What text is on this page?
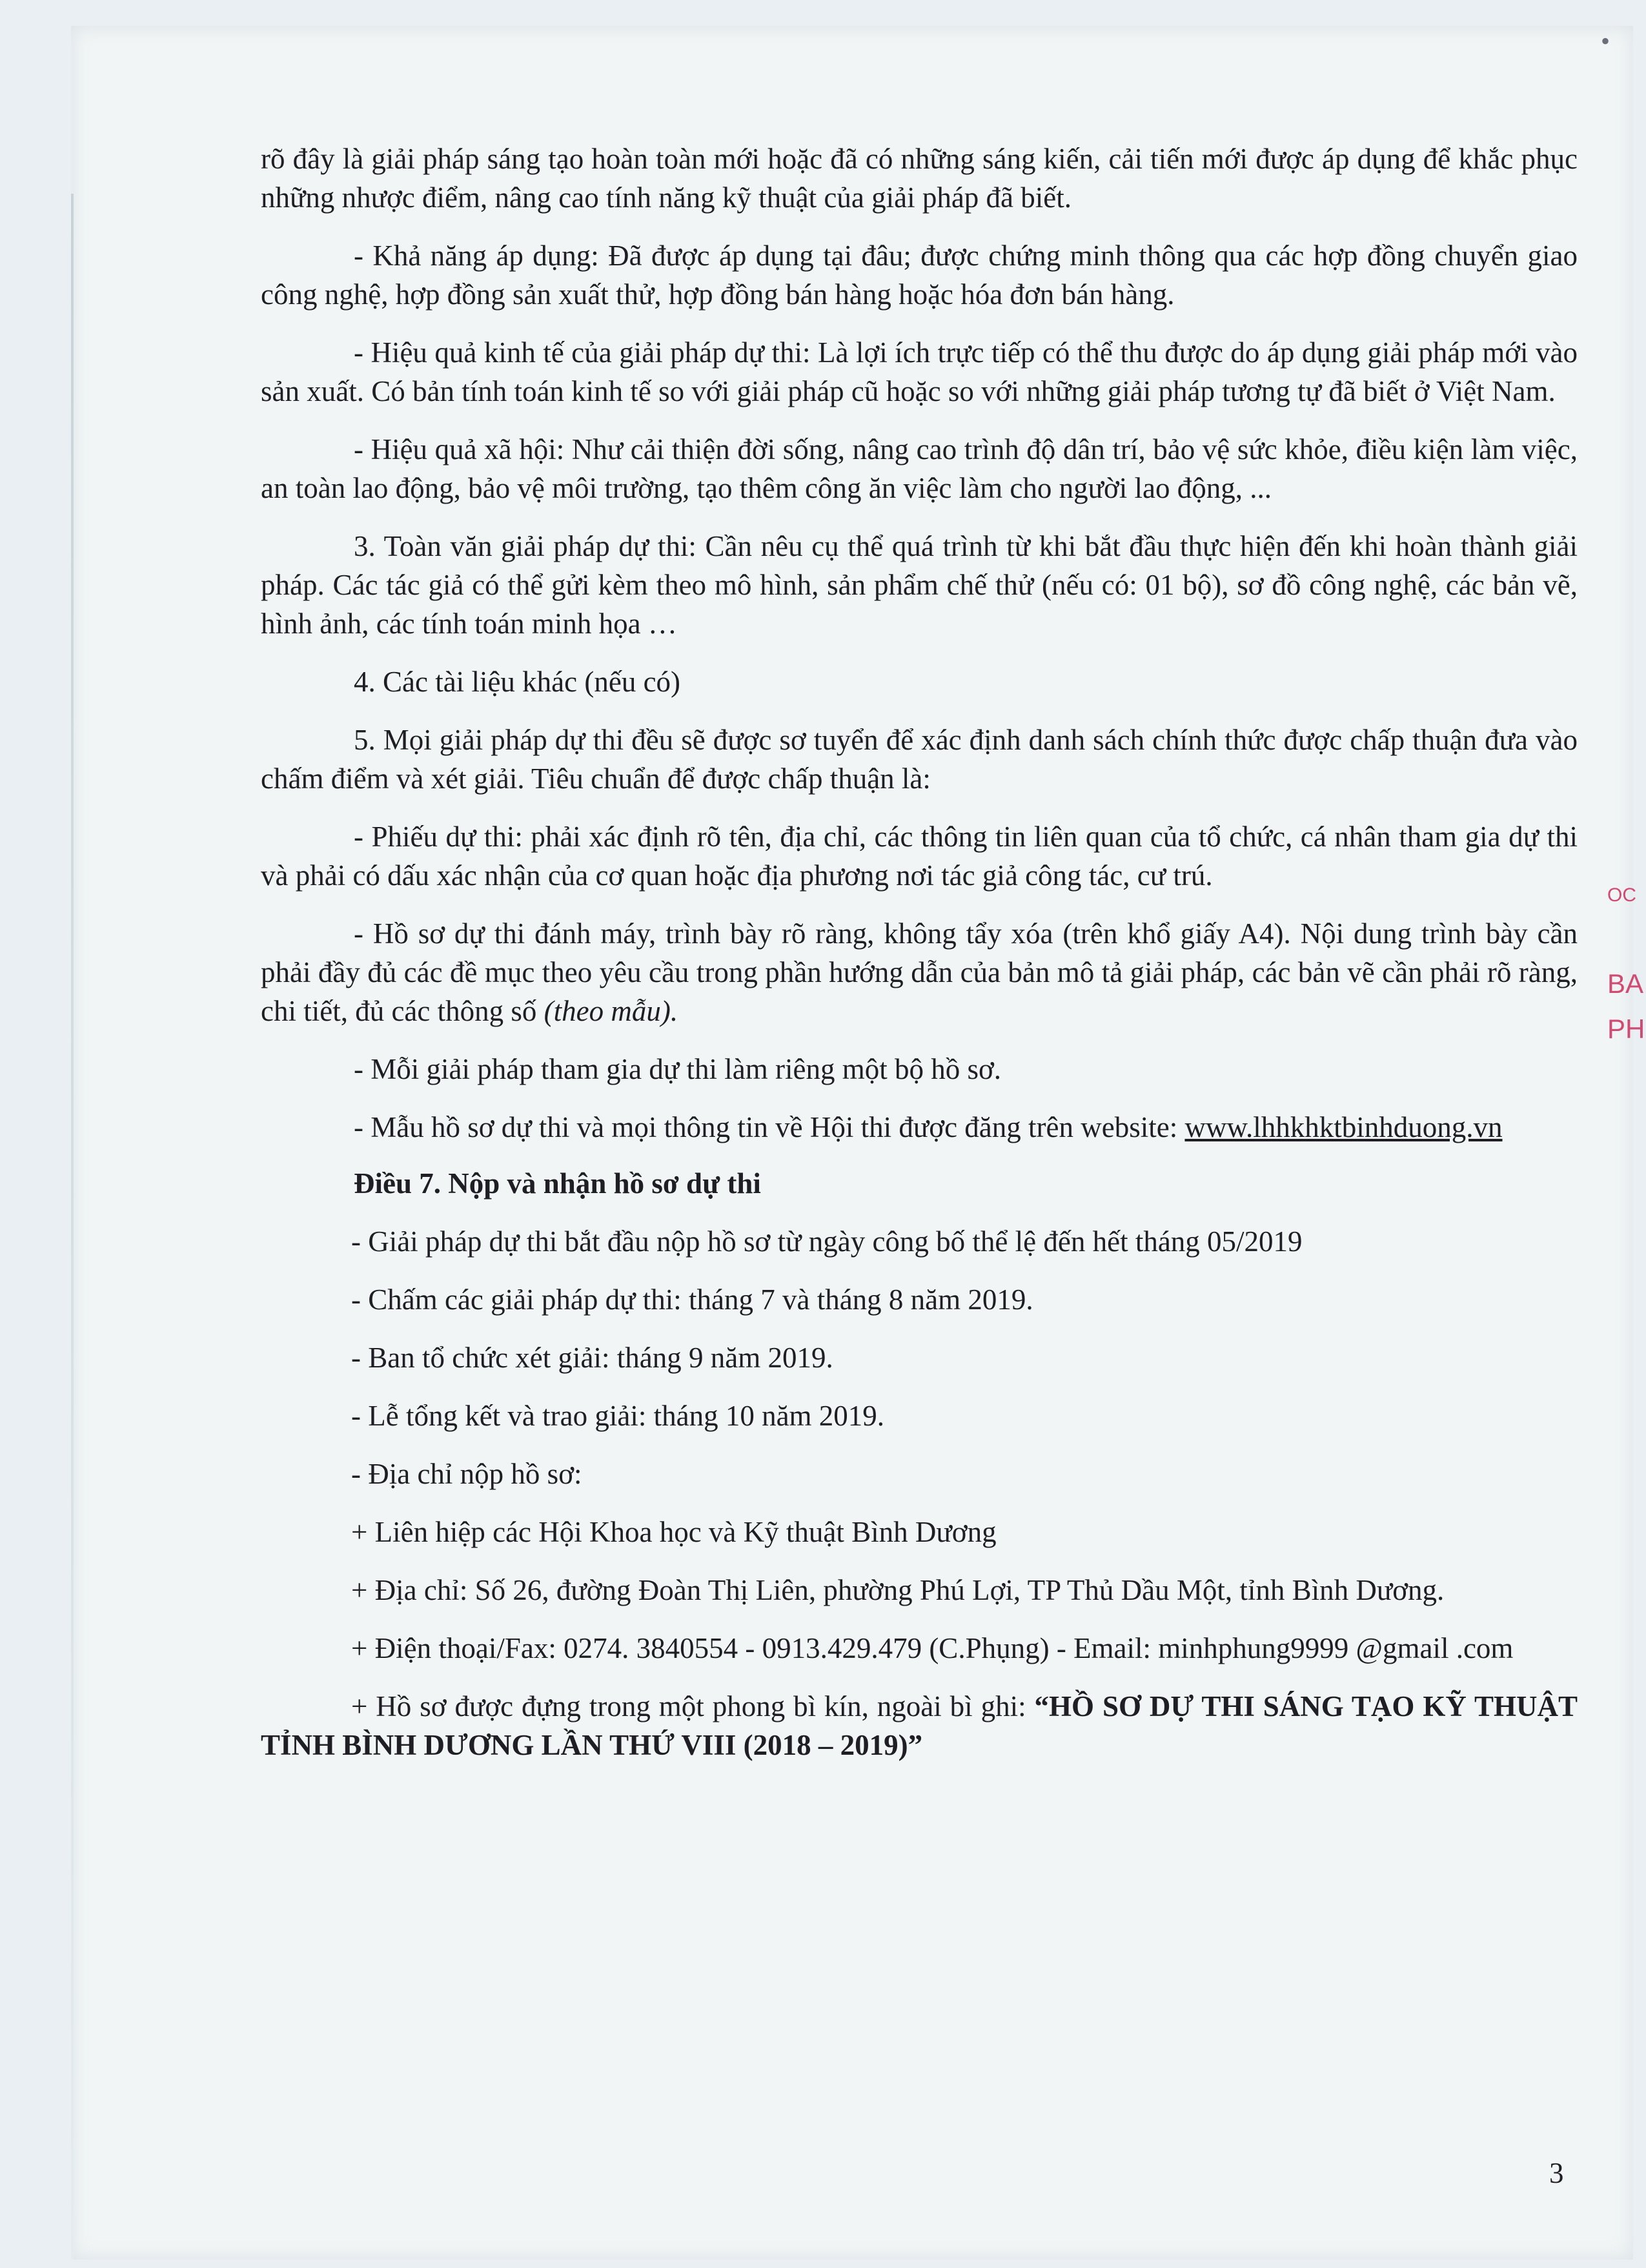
•

rõ đây là giải pháp sáng tạo hoàn toàn mới hoặc đã có những sáng kiến, cải tiến mới được áp dụng để khắc phục những nhược điểm, nâng cao tính năng kỹ thuật của giải pháp đã biết.

- Khả năng áp dụng: Đã được áp dụng tại đâu; được chứng minh thông qua các hợp đồng chuyển giao công nghệ, hợp đồng sản xuất thử, hợp đồng bán hàng hoặc hóa đơn bán hàng.

- Hiệu quả kinh tế của giải pháp dự thi: Là lợi ích trực tiếp có thể thu được do áp dụng giải pháp mới vào sản xuất. Có bản tính toán kinh tế so với giải pháp cũ hoặc so với những giải pháp tương tự đã biết ở Việt Nam.

- Hiệu quả xã hội: Như cải thiện đời sống, nâng cao trình độ dân trí, bảo vệ sức khỏe, điều kiện làm việc, an toàn lao động, bảo vệ môi trường, tạo thêm công ăn việc làm cho người lao động, ...

3. Toàn văn giải pháp dự thi: Cần nêu cụ thể quá trình từ khi bắt đầu thực hiện đến khi hoàn thành giải pháp. Các tác giả có thể gửi kèm theo mô hình, sản phẩm chế thử (nếu có: 01 bộ), sơ đồ công nghệ, các bản vẽ, hình ảnh, các tính toán minh họa …

4. Các tài liệu khác (nếu có)

5. Mọi giải pháp dự thi đều sẽ được sơ tuyển để xác định danh sách chính thức được chấp thuận đưa vào chấm điểm và xét giải. Tiêu chuẩn để được chấp thuận là:

- Phiếu dự thi: phải xác định rõ tên, địa chỉ, các thông tin liên quan của tổ chức, cá nhân tham gia dự thi và phải có dấu xác nhận của cơ quan hoặc địa phương nơi tác giả công tác, cư trú.

- Hồ sơ dự thi đánh máy, trình bày rõ ràng, không tẩy xóa (trên khổ giấy A4). Nội dung trình bày cần phải đầy đủ các đề mục theo yêu cầu trong phần hướng dẫn của bản mô tả giải pháp, các bản vẽ cần phải rõ ràng, chi tiết, đủ các thông số (theo mẫu).

- Mỗi giải pháp tham gia dự thi làm riêng một bộ hồ sơ.

- Mẫu hồ sơ dự thi và mọi thông tin về Hội thi được đăng trên website: www.lhhkhktbinhduong.vn

Điều 7. Nộp và nhận hồ sơ dự thi

- Giải pháp dự thi bắt đầu nộp hồ sơ từ ngày công bố thể lệ đến hết tháng 05/2019

- Chấm các giải pháp dự thi: tháng 7 và tháng 8 năm 2019.

- Ban tổ chức xét giải: tháng 9 năm 2019.

- Lễ tổng kết và trao giải: tháng 10 năm 2019.

- Địa chỉ nộp hồ sơ:

+ Liên hiệp các Hội Khoa học và Kỹ thuật Bình Dương

+ Địa chỉ: Số 26, đường Đoàn Thị Liên, phường Phú Lợi, TP Thủ Dầu Một, tỉnh Bình Dương.

+ Điện thoại/Fax: 0274. 3840554 - 0913.429.479 (C.Phụng) - Email: minhphung9999 @gmail .com

+ Hồ sơ được đựng trong một phong bì kín, ngoài bì ghi: “HỒ SƠ DỰ THI SÁNG TẠO KỸ THUẬT TỈNH BÌNH DƯƠNG LẦN THỨ VIII (2018 – 2019)”

3
OC
BA
PH
